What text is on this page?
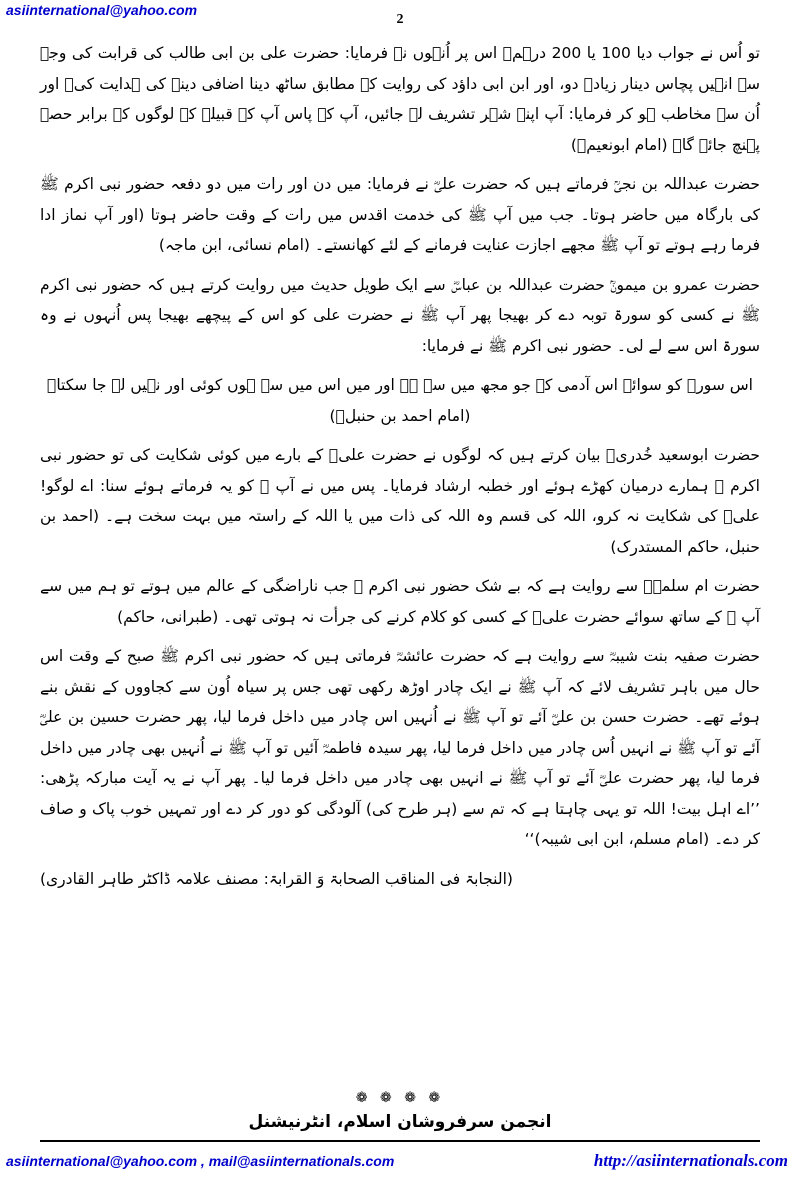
asiinternational@yahoo.com
2

تو اُس نے جواب دیا 100 یا 200 درہم۔ اس پر اُنہوں نے فرمایا: حضرت علی بن ابی طالب کی قرابت کی وجہ سے انہیں پچاس دینار زیادہ دو، اور ابن ابی داؤد کی روایت کے مطابق ساٹھ دینا اضافی دینے کی ہدایت کی۔ اور اُن سے مخاطب ہو کر فرمایا: آپ اپنے شہر تشریف لے جائیں، آپ کے پاس آپ کے قبیلہ کے لوگوں کے برابر حصہ پہنچ جائے گا۔ (امام ابونعیمؒ)

حضرت عبداللہ بن نجیؒ فرماتے ہیں کہ حضرت علیؓ نے فرمایا: میں دن اور رات میں دو دفعہ حضور نبی اکرم ﷺ کی بارگاہ میں حاضر ہوتا۔ جب میں آپ ﷺ کی خدمت اقدس میں رات کے وقت حاضر ہوتا (اور آپ نماز ادا فرما رہے ہوتے تو آپ ﷺ مجھے اجازت عنایت فرمانے کے لئے کھانستے۔ (امام نسائی، ابن ماجہ)

حضرت عمرو بن میمونؒ حضرت عبداللہ بن عباسؓ سے ایک طویل حدیث میں روایت کرتے ہیں کہ حضور نبی اکرم ﷺ نے کسی کو سورۃ توبہ دے کر بھیجا پھر آپ ﷺ نے حضرت علی کو اس کے پیچھے بھیجا پس اُنہوں نے وہ سورۃ اس سے لے لی۔ حضور نبی اکرم ﷺ نے فرمایا:

اس سورۃ کو سوائے اس آدمی کے جو مجھ میں سے ہے اور میں اس میں سے ہوں کوئی اور نہیں لے جا سکتا۔ (امام احمد بن حنبلؒ)

حضرت ابوسعید خُدریؓ بیان کرتے ہیں کہ لوگوں نے حضرت علیؓ کے بارے میں کوئی شکایت کی تو حضور نبی اکرم ﷺ ہمارے درمیان کھڑے ہوئے اور خطبہ ارشاد فرمایا۔ پس میں نے آپ ﷺ کو یہ فرماتے ہوئے سنا: اے لوگو! علیؓ کی شکایت نہ کرو، اللہ کی قسم وہ اللہ کی ذات میں یا اللہ کے راستہ میں بہت سخت ہے۔ (احمد بن حنبل، حاکم المستدرک)

حضرت ام سلمہؓ سے روایت ہے کہ بے شک حضور نبی اکرم ﷺ جب ناراضگی کے عالم میں ہوتے تو ہم میں سے آپ ﷺ کے ساتھ سوائے حضرت علیؓ کے کسی کو کلام کرنے کی جرأت نہ ہوتی تھی۔ (طبرانی، حاکم)

حضرت صفیہ بنت شیبہؓ سے روایت ہے کہ حضرت عائشہؓ فرماتی ہیں کہ حضور نبی اکرم ﷺ صبح کے وقت اس حال میں باہر تشریف لائے کہ آپ ﷺ نے ایک چادر اوڑھ رکھی تھی جس پر سیاہ اُون سے کجاووں کے نقش بنے ہوئے تھے۔ حضرت حسن بن علیؓ آئے تو آپ ﷺ نے اُنہیں اس چادر میں داخل فرما لیا، پھر حضرت حسین بن علیؓ آئے تو آپ ﷺ نے انہیں اُس چادر میں داخل فرما لیا، پھر سیدہ فاطمہؓ آئیں تو آپ ﷺ نے اُنہیں بھی چادر میں داخل فرما لیا، پھر حضرت علیؓ آئے تو آپ ﷺ نے انہیں بھی چادر میں داخل فرما لیا۔ پھر آپ نے یہ آیت مبارکہ پڑھی: ’’اے اہل بیت! اللہ تو یہی چاہتا ہے کہ تم سے (ہر طرح کی) آلودگی کو دور کر دے اور تمہیں خوب پاک و صاف کر دے۔ (امام مسلم، ابن ابی شیبہ)‘‘

(النجابۃ فی المناقب الصحابۃ وَ القرابۃ: مصنف علامہ ڈاکٹر طاہر القادری)

❁ ❁ ❁ ❁
انجمن سرفروشان اسلام، انٹرنیشنل
asiinternational@yahoo.com , mail@asiinternationals.com	http://asiinternationals.com
